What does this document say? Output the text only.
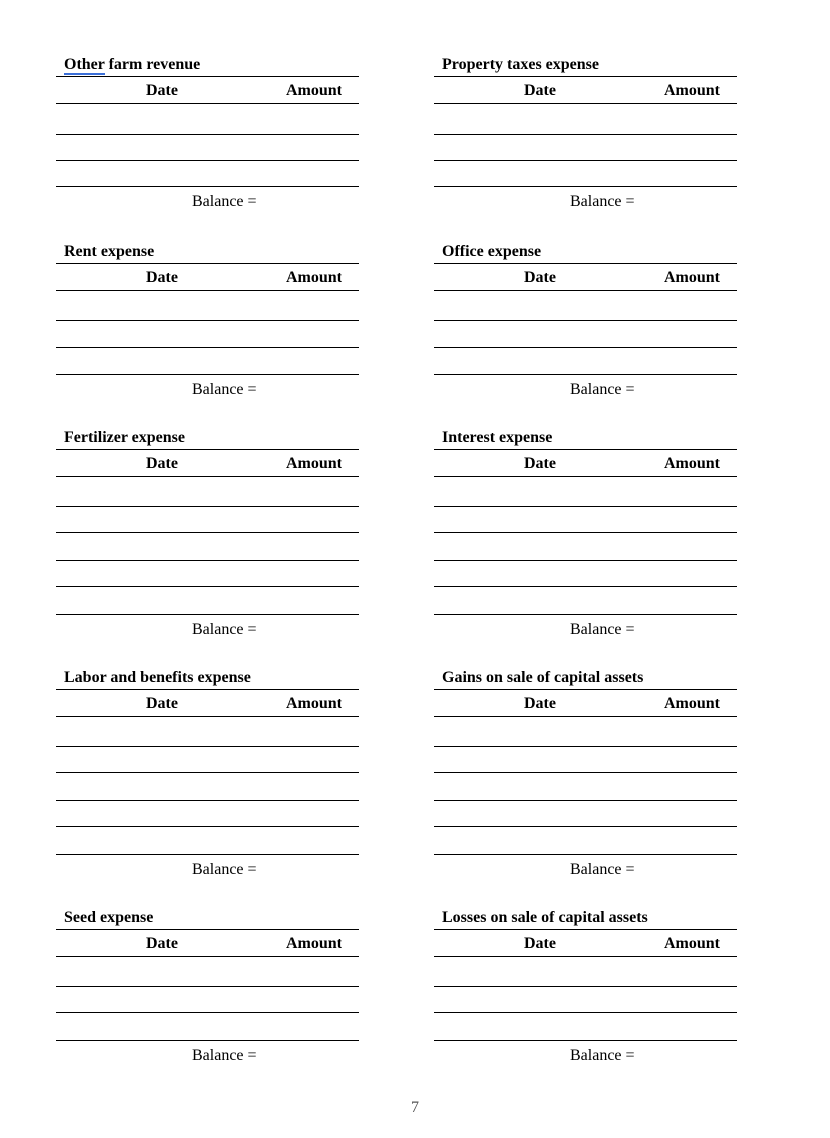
Other farm revenue
Date	Amount
Balance =
Property taxes expense
Date	Amount
Balance =
Rent expense
Date	Amount
Balance =
Office expense
Date	Amount
Balance =
Fertilizer expense
Date	Amount
Balance =
Interest expense
Date	Amount
Balance =
Labor and benefits expense
Date	Amount
Balance =
Gains on sale of capital assets
Date	Amount
Balance =
Seed expense
Date	Amount
Balance =
Losses on sale of capital assets
Date	Amount
Balance =
7
